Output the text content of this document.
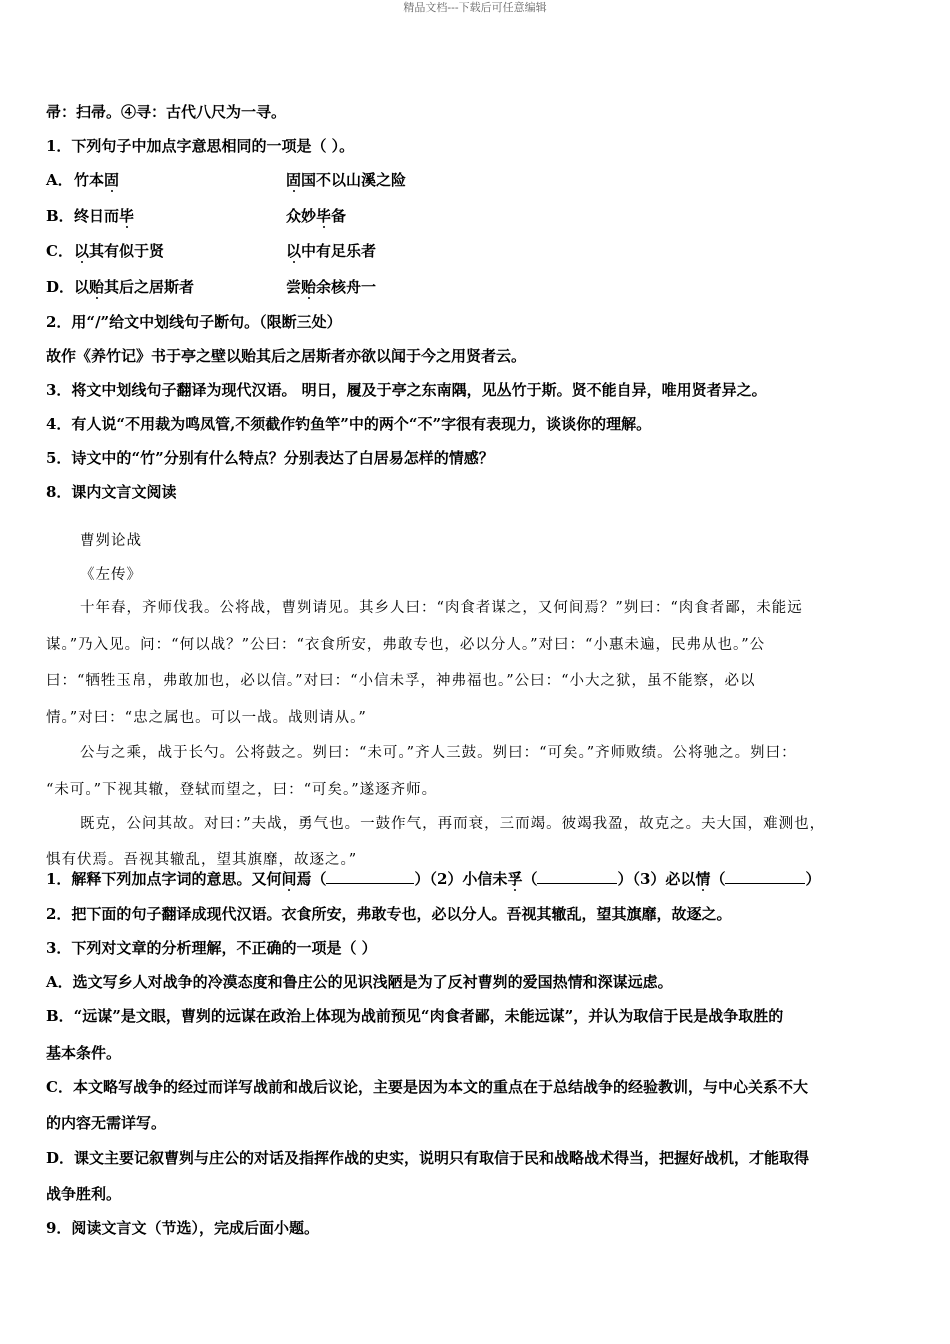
精品文档---下载后可任意编辑

帚：扫帚。④寻：古代八尺为一寻。

1．下列句子中加点字意思相同的一项是（ ）。

A． 竹本固	固国不以山溪之险
B． 终日而毕	众妙毕备
C． 以其有似于贤	以中有足乐者
D． 以贻其后之居斯者	尝贻余核舟一

2．用“/”给文中划线句子断句。（限断三处）

故作《养竹记》书于亭之壁以贻其后之居斯者亦欲以闻于今之用贤者云。

3．将文中划线句子翻译为现代汉语。 明日，履及于亭之东南隅，见丛竹于斯。贤不能自异，唯用贤者异之。

4．有人说“不用裁为鸣凤管,不须截作钓鱼竿”中的两个“不”字很有表现力，谈谈你的理解。

5．诗文中的“竹”分别有什么特点？分别表达了白居易怎样的情感？

8．课内文言文阅读

曹刿论战

《左传》

十年春，齐师伐我。公将战，曹刿请见。其乡人曰：“肉食者谋之，又何间焉？”刿曰：“肉食者鄙，未能远

谋。”乃入见。问：“何以战？”公曰：“衣食所安，弗敢专也，必以分人。”对曰：“小惠未遍，民弗从也。”公

曰：“牺牲玉帛，弗敢加也，必以信。”对曰：“小信未孚，神弗福也。”公曰：“小大之狱，虽不能察，必以

情。”对曰：“忠之属也。可以一战。战则请从。”

公与之乘，战于长勺。公将鼓之。刿曰：“未可。”齐人三鼓。刿曰：“可矣。”齐师败绩。公将驰之。刿曰：

“未可。”下视其辙，登轼而望之，曰：“可矣。”遂逐齐师。

既克，公问其故。对曰：”夫战，勇气也。一鼓作气，再而衰，三而竭。彼竭我盈，故克之。夫大国，难测也，

惧有伏焉。吾视其辙乱，望其旗靡，故逐之。”

1．解释下列加点字词的意思。又何间焉（	）（2）小信未孚（	）（3）必以情（	）

2．把下面的句子翻译成现代汉语。衣食所安，弗敢专也，必以分人。吾视其辙乱，望其旗靡，故逐之。

3．下列对文章的分析理解，不正确的一项是（ ）

A．选文写乡人对战争的冷漠态度和鲁庄公的见识浅陋是为了反衬曹刿的爱国热情和深谋远虑。

B．“远谋”是文眼，曹刿的远谋在政治上体现为战前预见“肉食者鄙，未能远谋”，并认为取信于民是战争取胜的

基本条件。

C．本文略写战争的经过而详写战前和战后议论，主要是因为本文的重点在于总结战争的经验教训，与中心关系不大

的内容无需详写。

D．课文主要记叙曹刿与庄公的对话及指挥作战的史实，说明只有取信于民和战略战术得当，把握好战机，才能取得

战争胜利。

9．阅读文言文（节选），完成后面小题。
